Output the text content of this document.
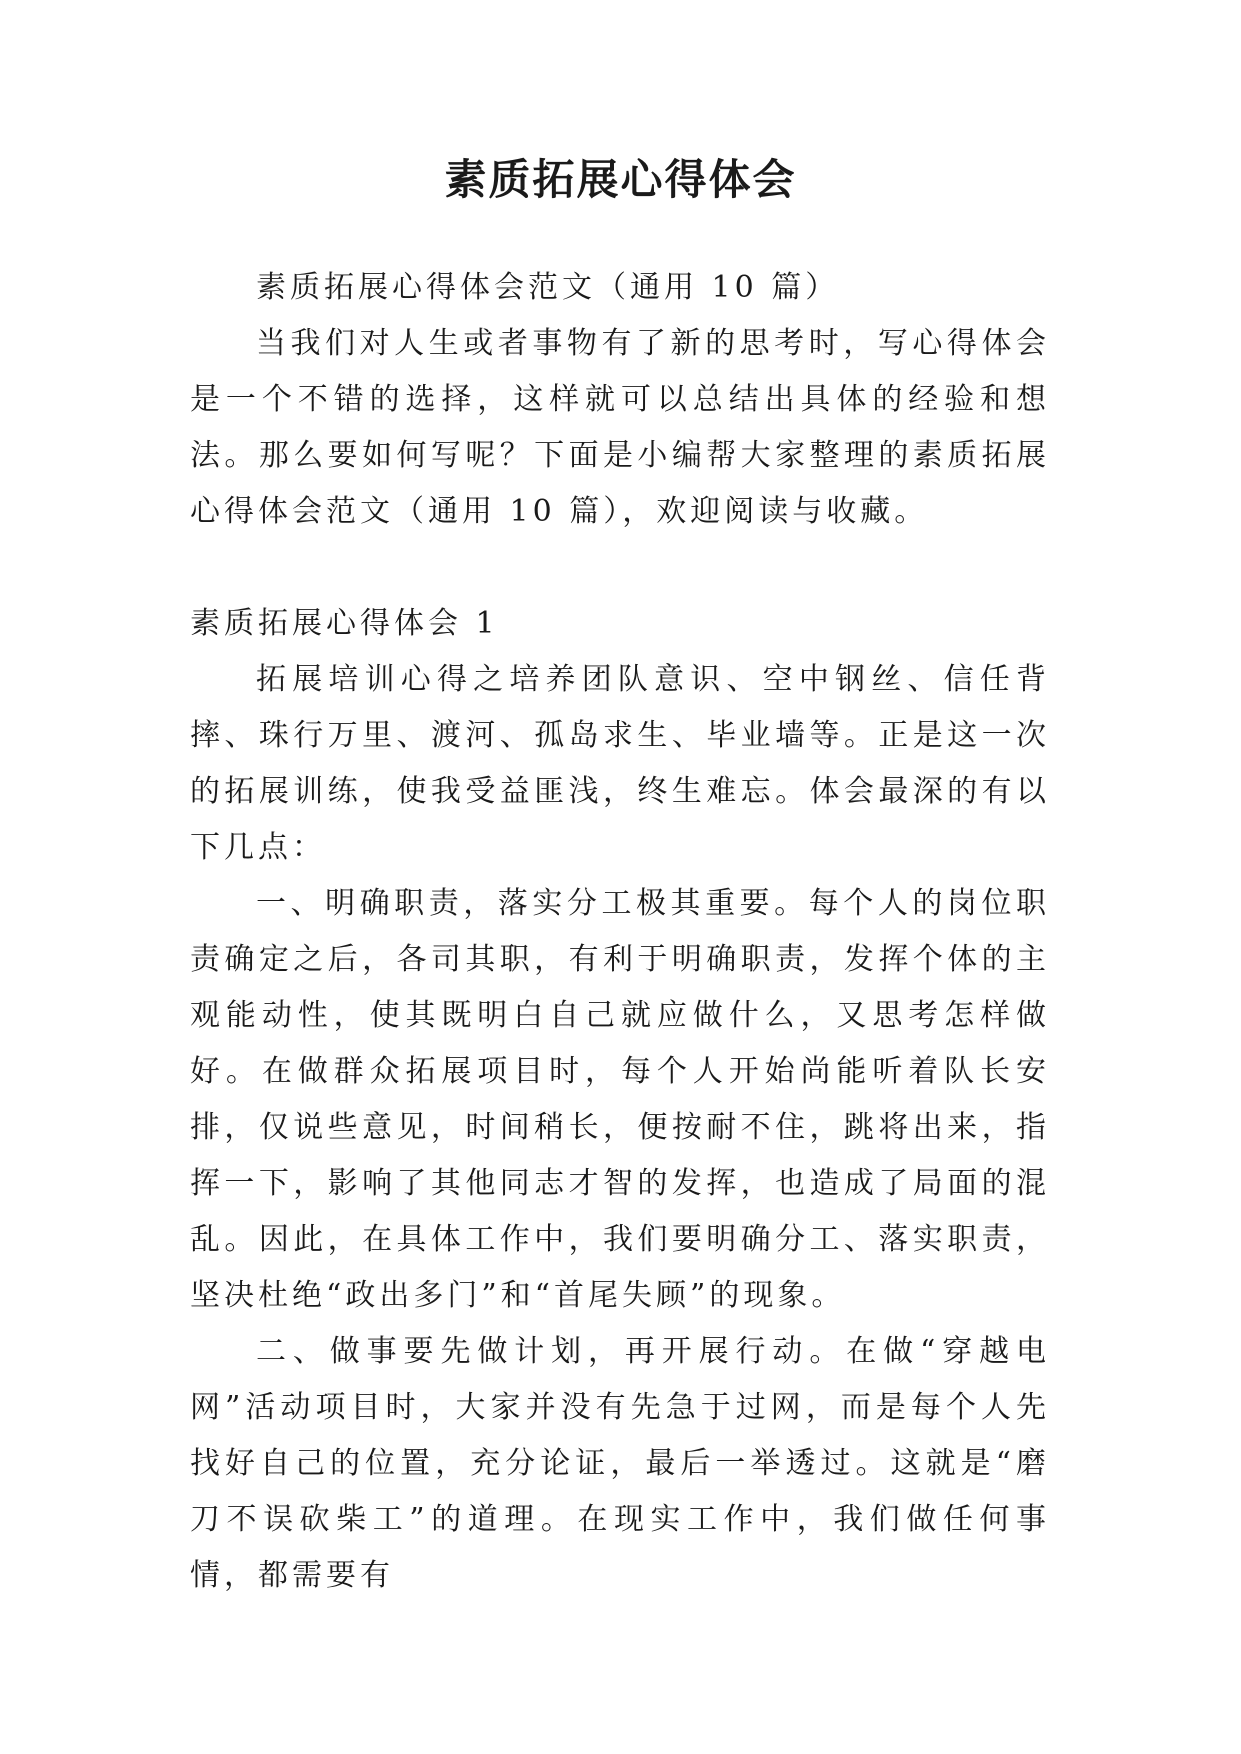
素质拓展心得体会

素质拓展心得体会范文（通用 10 篇）

当我们对人生或者事物有了新的思考时，写心得体会是一个不错的选择，这样就可以总结出具体的经验和想法。那么要如何写呢？下面是小编帮大家整理的素质拓展心得体会范文（通用 10 篇），欢迎阅读与收藏。

素质拓展心得体会 1

拓展培训心得之培养团队意识、空中钢丝、信任背摔、珠行万里、渡河、孤岛求生、毕业墙等。正是这一次的拓展训练，使我受益匪浅，终生难忘。体会最深的有以下几点：

一、明确职责，落实分工极其重要。每个人的岗位职责确定之后，各司其职，有利于明确职责，发挥个体的主观能动性，使其既明白自己就应做什么，又思考怎样做好。在做群众拓展项目时，每个人开始尚能听着队长安排，仅说些意见，时间稍长，便按耐不住，跳将出来，指挥一下，影响了其他同志才智的发挥，也造成了局面的混乱。因此，在具体工作中，我们要明确分工、落实职责，坚决杜绝“政出多门”和“首尾失顾”的现象。

二、做事要先做计划，再开展行动。在做“穿越电网”活动项目时，大家并没有先急于过网，而是每个人先找好自己的位置，充分论证，最后一举透过。这就是“磨刀不误砍柴工”的道理。在现实工作中，我们做任何事情，都需要有
